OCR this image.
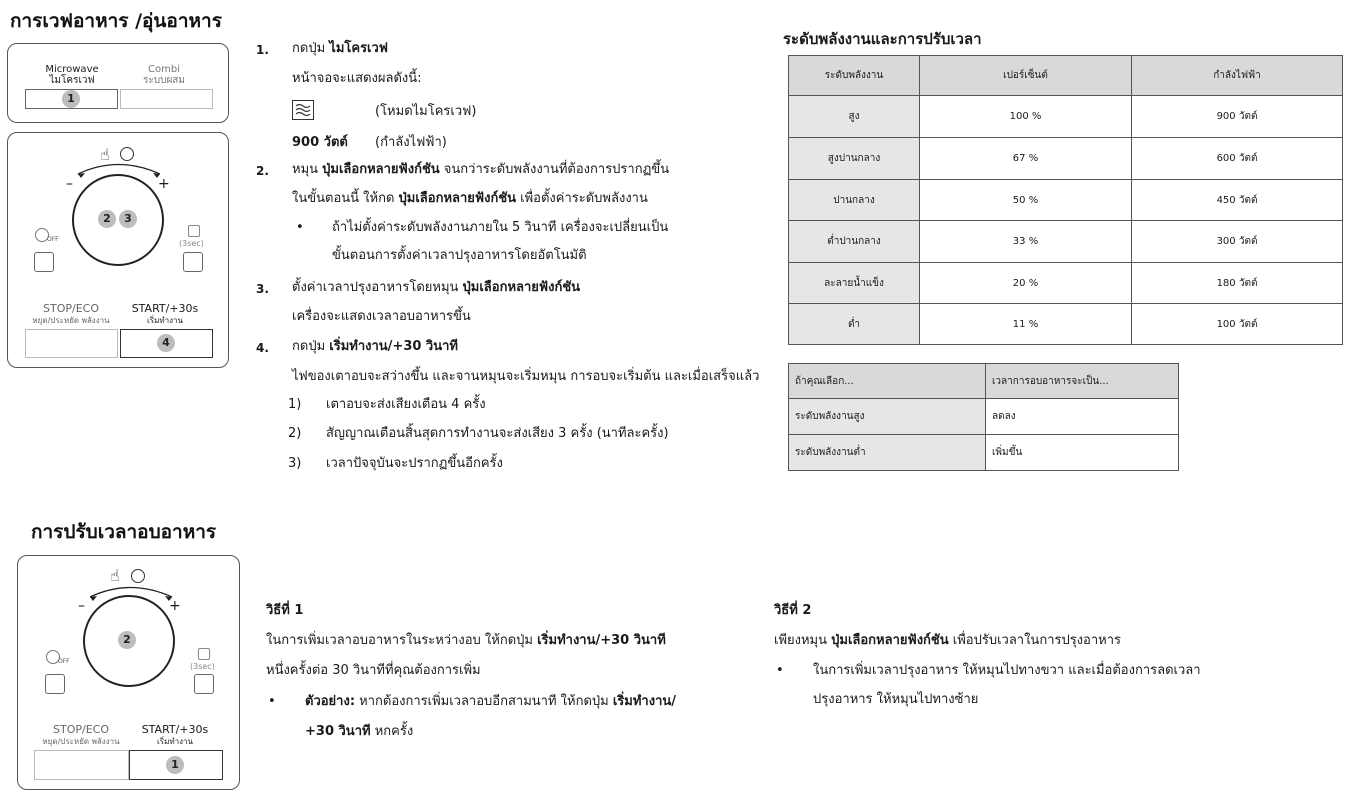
การเวฟอาหาร /อุ่นอาหาร
Microwave
ไมโครเวฟ
Combi
ระบบผสม
1
☝
–	+
2	3
OFF	(3sec)
STOP/ECO
หยุด/ประหยัด พลังงาน
START/+30s
เริ่มทำงาน
4
1. กดปุ่ม ไมโครเวฟ
หน้าจอจะแสดงผลดังนี้:
(โหมดไมโครเวฟ)
900 วัตต์ (กำลังไฟฟ้า)
2. หมุน ปุ่มเลือกหลายฟังก์ชัน จนกว่าระดับพลังงานที่ต้องการปรากฏขึ้น
ในขั้นตอนนี้ ให้กด ปุ่มเลือกหลายฟังก์ชัน เพื่อตั้งค่าระดับพลังงาน
• ถ้าไม่ตั้งค่าระดับพลังงานภายใน 5 วินาที เครื่องจะเปลี่ยนเป็น
ขั้นตอนการตั้งค่าเวลาปรุงอาหารโดยอัตโนมัติ
3. ตั้งค่าเวลาปรุงอาหารโดยหมุน ปุ่มเลือกหลายฟังก์ชัน
เครื่องจะแสดงเวลาอบอาหารขึ้น
4. กดปุ่ม เริ่มทำงาน/+30 วินาที
ไฟของเตาอบจะสว่างขึ้น และจานหมุนจะเริ่มหมุน การอบจะเริ่มต้น และเมื่อเสร็จแล้ว
1) เตาอบจะส่งเสียงเตือน 4 ครั้ง
2) สัญญาณเตือนสิ้นสุดการทำงานจะส่งเสียง 3 ครั้ง (นาทีละครั้ง)
3) เวลาปัจจุบันจะปรากฏขึ้นอีกครั้ง
ระดับพลังงานและการปรับเวลา
ระดับพลังงาน	เปอร์เซ็นต์	กำลังไฟฟ้า
สูง	100 %	900 วัตต์
สูงปานกลาง	67 %	600 วัตต์
ปานกลาง	50 %	450 วัตต์
ต่ำปานกลาง	33 %	300 วัตต์
ละลายน้ำแข็ง	20 %	180 วัตต์
ต่ำ	11 %	100 วัตต์
ถ้าคุณเลือก...	เวลาการอบอาหารจะเป็น...
ระดับพลังงานสูง	ลดลง
ระดับพลังงานต่ำ	เพิ่มขึ้น
การปรับเวลาอบอาหาร
☝
–	+
2
OFF
(3sec)
STOP/ECO
หยุด/ประหยัด พลังงาน
START/+30s
เริ่มทำงาน
1
วิธีที่ 1
ในการเพิ่มเวลาอบอาหารในระหว่างอบ ให้กดปุ่ม เริ่มทำงาน/+30 วินาที
หนึ่งครั้งต่อ 30 วินาทีที่คุณต้องการเพิ่ม
• ตัวอย่าง: หากต้องการเพิ่มเวลาอบอีกสามนาที ให้กดปุ่ม เริ่มทำงาน/
+30 วินาที หกครั้ง
วิธีที่ 2
เพียงหมุน ปุ่มเลือกหลายฟังก์ชัน เพื่อปรับเวลาในการปรุงอาหาร
• ในการเพิ่มเวลาปรุงอาหาร ให้หมุนไปทางขวา และเมื่อต้องการลดเวลา
ปรุงอาหาร ให้หมุนไปทางซ้าย
